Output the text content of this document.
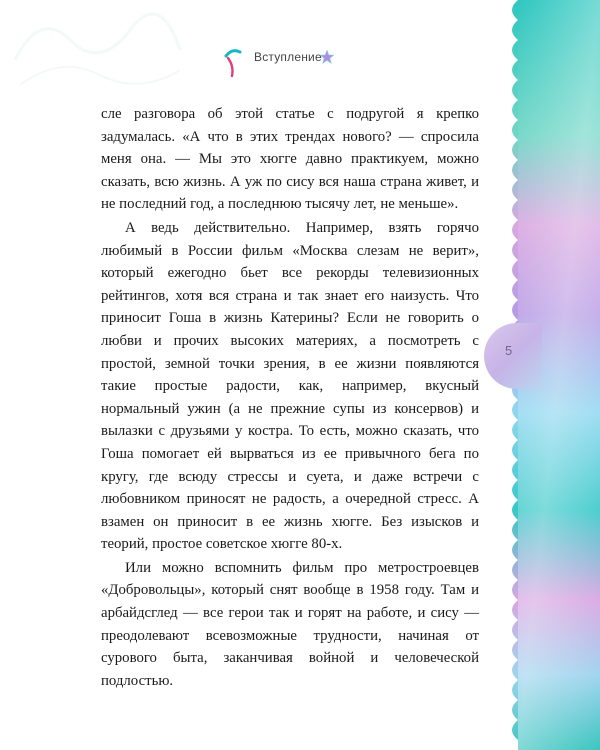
Вступление

сле разговора об этой статье с подругой я крепко задумалась. «А что в этих трендах нового? — спросила меня она. — Мы это хюгге давно практикуем, можно сказать, всю жизнь. А уж по сису вся наша страна живет, и не последний год, а последнюю тысячу лет, не меньше».

А ведь действительно. Например, взять горячо любимый в России фильм «Москва слезам не верит», который ежегодно бьет все рекорды телевизионных рейтингов, хотя вся страна и так знает его наизусть. Что приносит Гоша в жизнь Катерины? Если не говорить о любви и прочих высоких материях, а посмотреть с простой, земной точки зрения, в ее жизни появляются такие простые радости, как, например, вкусный нормальный ужин (а не прежние супы из консервов) и вылазки с друзьями у костра. То есть, можно сказать, что Гоша помогает ей вырваться из ее привычного бега по кругу, где всюду стрессы и суета, и даже встречи с любовником приносят не радость, а очередной стресс. А взамен он приносит в ее жизнь хюгге. Без изысков и теорий, простое советское хюгге 80-х.

Или можно вспомнить фильм про метростроевцев «Добровольцы», который снят вообще в 1958 году. Там и арбайдсглед — все герои так и горят на работе, и сису — преодолевают всевозможные трудности, начиная от сурового быта, заканчивая войной и человеческой подлостью.

5
